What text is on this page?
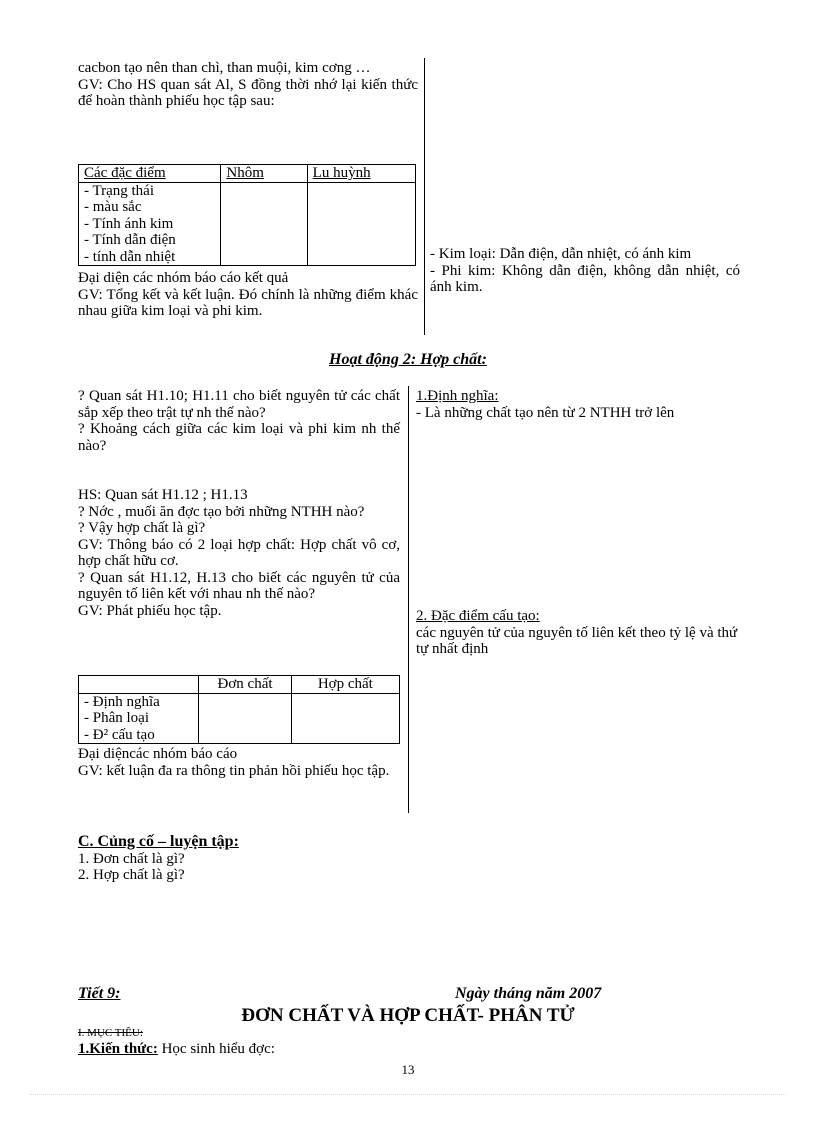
cacbon tạo nên than chì, than muội, kim cơng …

GV: Cho HS quan sát Al, S đồng thời nhớ lại kiến thức để hoàn thành phiếu học tập sau:

Các đặc điểm	Nhôm	Lu huỳnh

- Trạng thái
- màu sắc
- Tính ánh kim
- Tính dẫn điện
- tính dẫn nhiệt		

Đại diện các nhóm báo cáo kết quả

GV: Tổng kết và kết luận. Đó chính là những điểm khác nhau giữa kim loại và phi kim.

- Kim loại: Dẫn điện, dẫn nhiệt, có ánh kim

- Phi kim: Không dẫn điện, không dẫn nhiệt, có ánh kim.

Hoạt động 2: Hợp chất:

? Quan sát H1.10; H1.11 cho biết nguyên tử các chất sắp xếp theo trật tự nh thế nào?

? Khoảng cách giữa các kim loại và phi kim nh thế nào?

HS: Quan sát H1.12 ; H1.13

? Nớc , muối ăn đợc tạo bởi những NTHH nào?

? Vậy hợp chất là gì?

GV: Thông báo có 2 loại hợp chất: Hợp chất vô cơ, hợp chất hữu cơ.

? Quan sát H1.12, H.13 cho biết các nguyên tử của nguyên tố liên kết với nhau nh thế nào?

GV: Phát phiếu học tập.

	Đơn chất	Hợp chất

- Định nghĩa
- Phân loại
- Đ² cấu tạo		

Đại diệncác nhóm báo cáo

GV: kết luận đa ra thông tin phản hồi phiếu học tập.

1.Định nghĩa:

- Là những chất tạo nên từ 2 NTHH trở lên

2. Đặc điểm cấu tạo:

các nguyên tử của nguyên tố liên kết theo tỷ lệ và thứ tự nhất định

C. Củng cố – luyện tập:

1. Đơn chất là gì?

2. Hợp chất là gì?

Tiết 9:	Ngày tháng năm 2007
ĐƠN CHẤT VÀ HỢP CHẤT- PHÂN TỬ
I. MỤC TIÊU:
1.Kiến thức: Học sinh hiểu đợc:
13
